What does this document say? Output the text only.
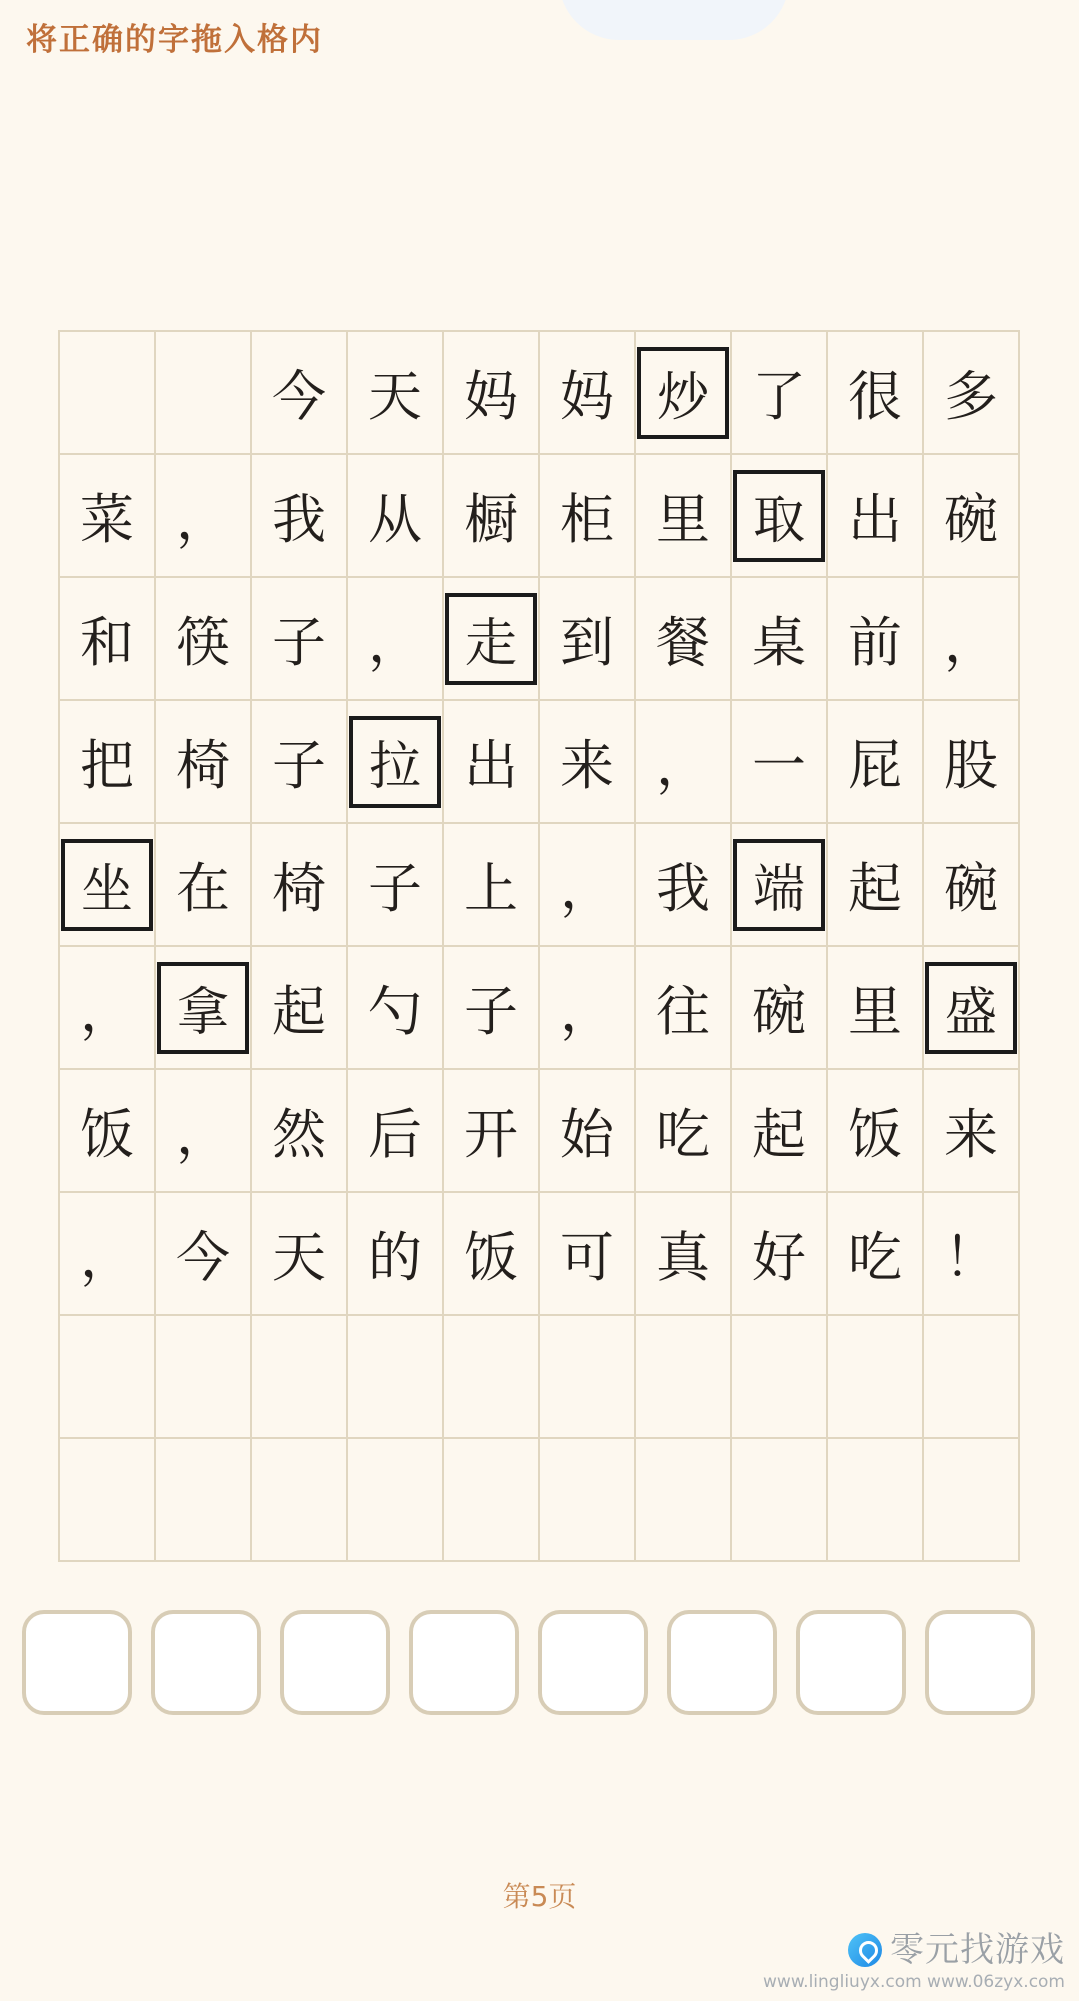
将正确的字拖入格内
今 天 妈 妈 炒 了 很 多
菜 ， 我 从 橱 柜 里 取 出 碗
和 筷 子 ， 走 到 餐 桌 前 ，
把 椅 子 拉 出 来 ， 一 屁 股
坐 在 椅 子 上 ， 我 端 起 碗
， 拿 起 勺 子 ， 往 碗 里 盛
饭 ， 然 后 开 始 吃 起 饭 来
， 今 天 的 饭 可 真 好 吃 ！
第5页
零元找游戏
www.lingliuyx.com www.06zyx.com
